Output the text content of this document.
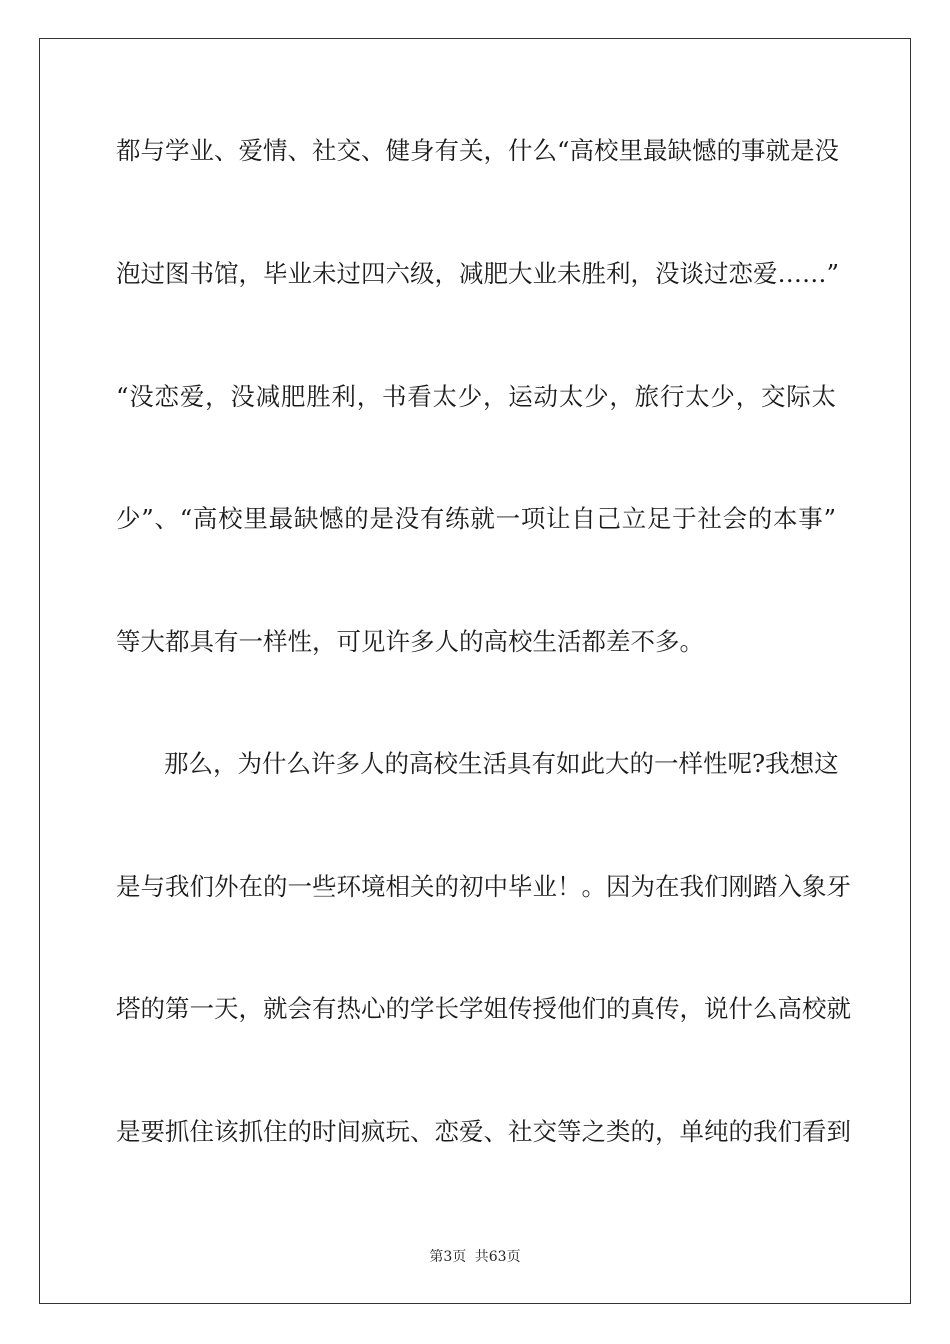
都与学业、爱情、社交、健身有关，什么“高校里最缺憾的事就是没
泡过图书馆，毕业未过四六级，减肥大业未胜利，没谈过恋爱……”
“没恋爱，没减肥胜利，书看太少，运动太少，旅行太少，交际太
少”、“高校里最缺憾的是没有练就一项让自己立足于社会的本事”
等大都具有一样性，可见许多人的高校生活都差不多。
那么，为什么许多人的高校生活具有如此大的一样性呢?我想这
是与我们外在的一些环境相关的初中毕业！。因为在我们刚踏入象牙
塔的第一天，就会有热心的学长学姐传授他们的真传，说什么高校就
是要抓住该抓住的时间疯玩、恋爱、社交等之类的，单纯的我们看到
第3页 共63页
